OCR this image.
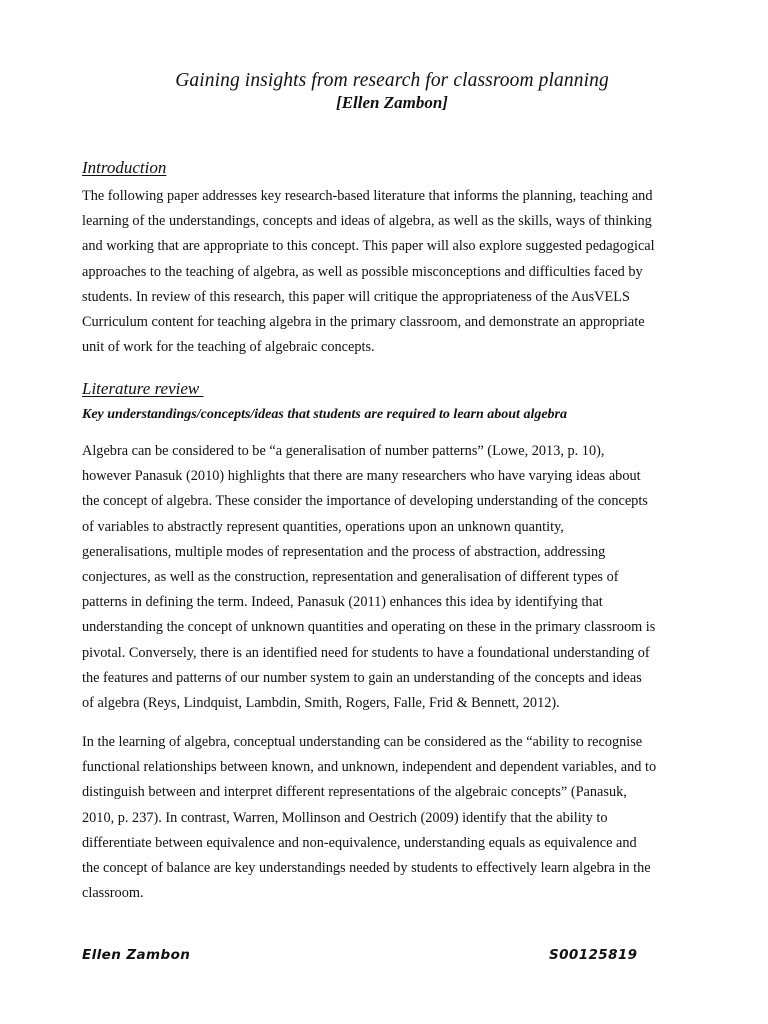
Gaining insights from research for classroom planning
[Ellen Zambon]
Introduction
The following paper addresses key research-based literature that informs the planning, teaching and
learning of the understandings, concepts and ideas of algebra, as well as the skills, ways of thinking
and working that are appropriate to this concept. This paper will also explore suggested pedagogical
approaches to the teaching of algebra, as well as possible misconceptions and difficulties faced by
students. In review of this research, this paper will critique the appropriateness of the AusVELS
Curriculum content for teaching algebra in the primary classroom, and demonstrate an appropriate
unit of work for the teaching of algebraic concepts.
Literature review
Key understandings/concepts/ideas that students are required to learn about algebra
Algebra can be considered to be “a generalisation of number patterns” (Lowe, 2013, p. 10),
however Panasuk (2010) highlights that there are many researchers who have varying ideas about
the concept of algebra. These consider the importance of developing understanding of the concepts
of variables to abstractly represent quantities, operations upon an unknown quantity,
generalisations, multiple modes of representation and the process of abstraction, addressing
conjectures, as well as the construction, representation and generalisation of different types of
patterns in defining the term. Indeed, Panasuk (2011) enhances this idea by identifying that
understanding the concept of unknown quantities and operating on these in the primary classroom is
pivotal. Conversely, there is an identified need for students to have a foundational understanding of
the features and patterns of our number system to gain an understanding of the concepts and ideas
of algebra (Reys, Lindquist, Lambdin, Smith, Rogers, Falle, Frid & Bennett, 2012).
In the learning of algebra, conceptual understanding can be considered as the “ability to recognise
functional relationships between known, and unknown, independent and dependent variables, and to
distinguish between and interpret different representations of the algebraic concepts” (Panasuk,
2010, p. 237). In contrast, Warren, Mollinson and Oestrich (2009) identify that the ability to
differentiate between equivalence and non-equivalence, understanding equals as equivalence and
the concept of balance are key understandings needed by students to effectively learn algebra in the
classroom.
Ellen Zambon	S00125819
